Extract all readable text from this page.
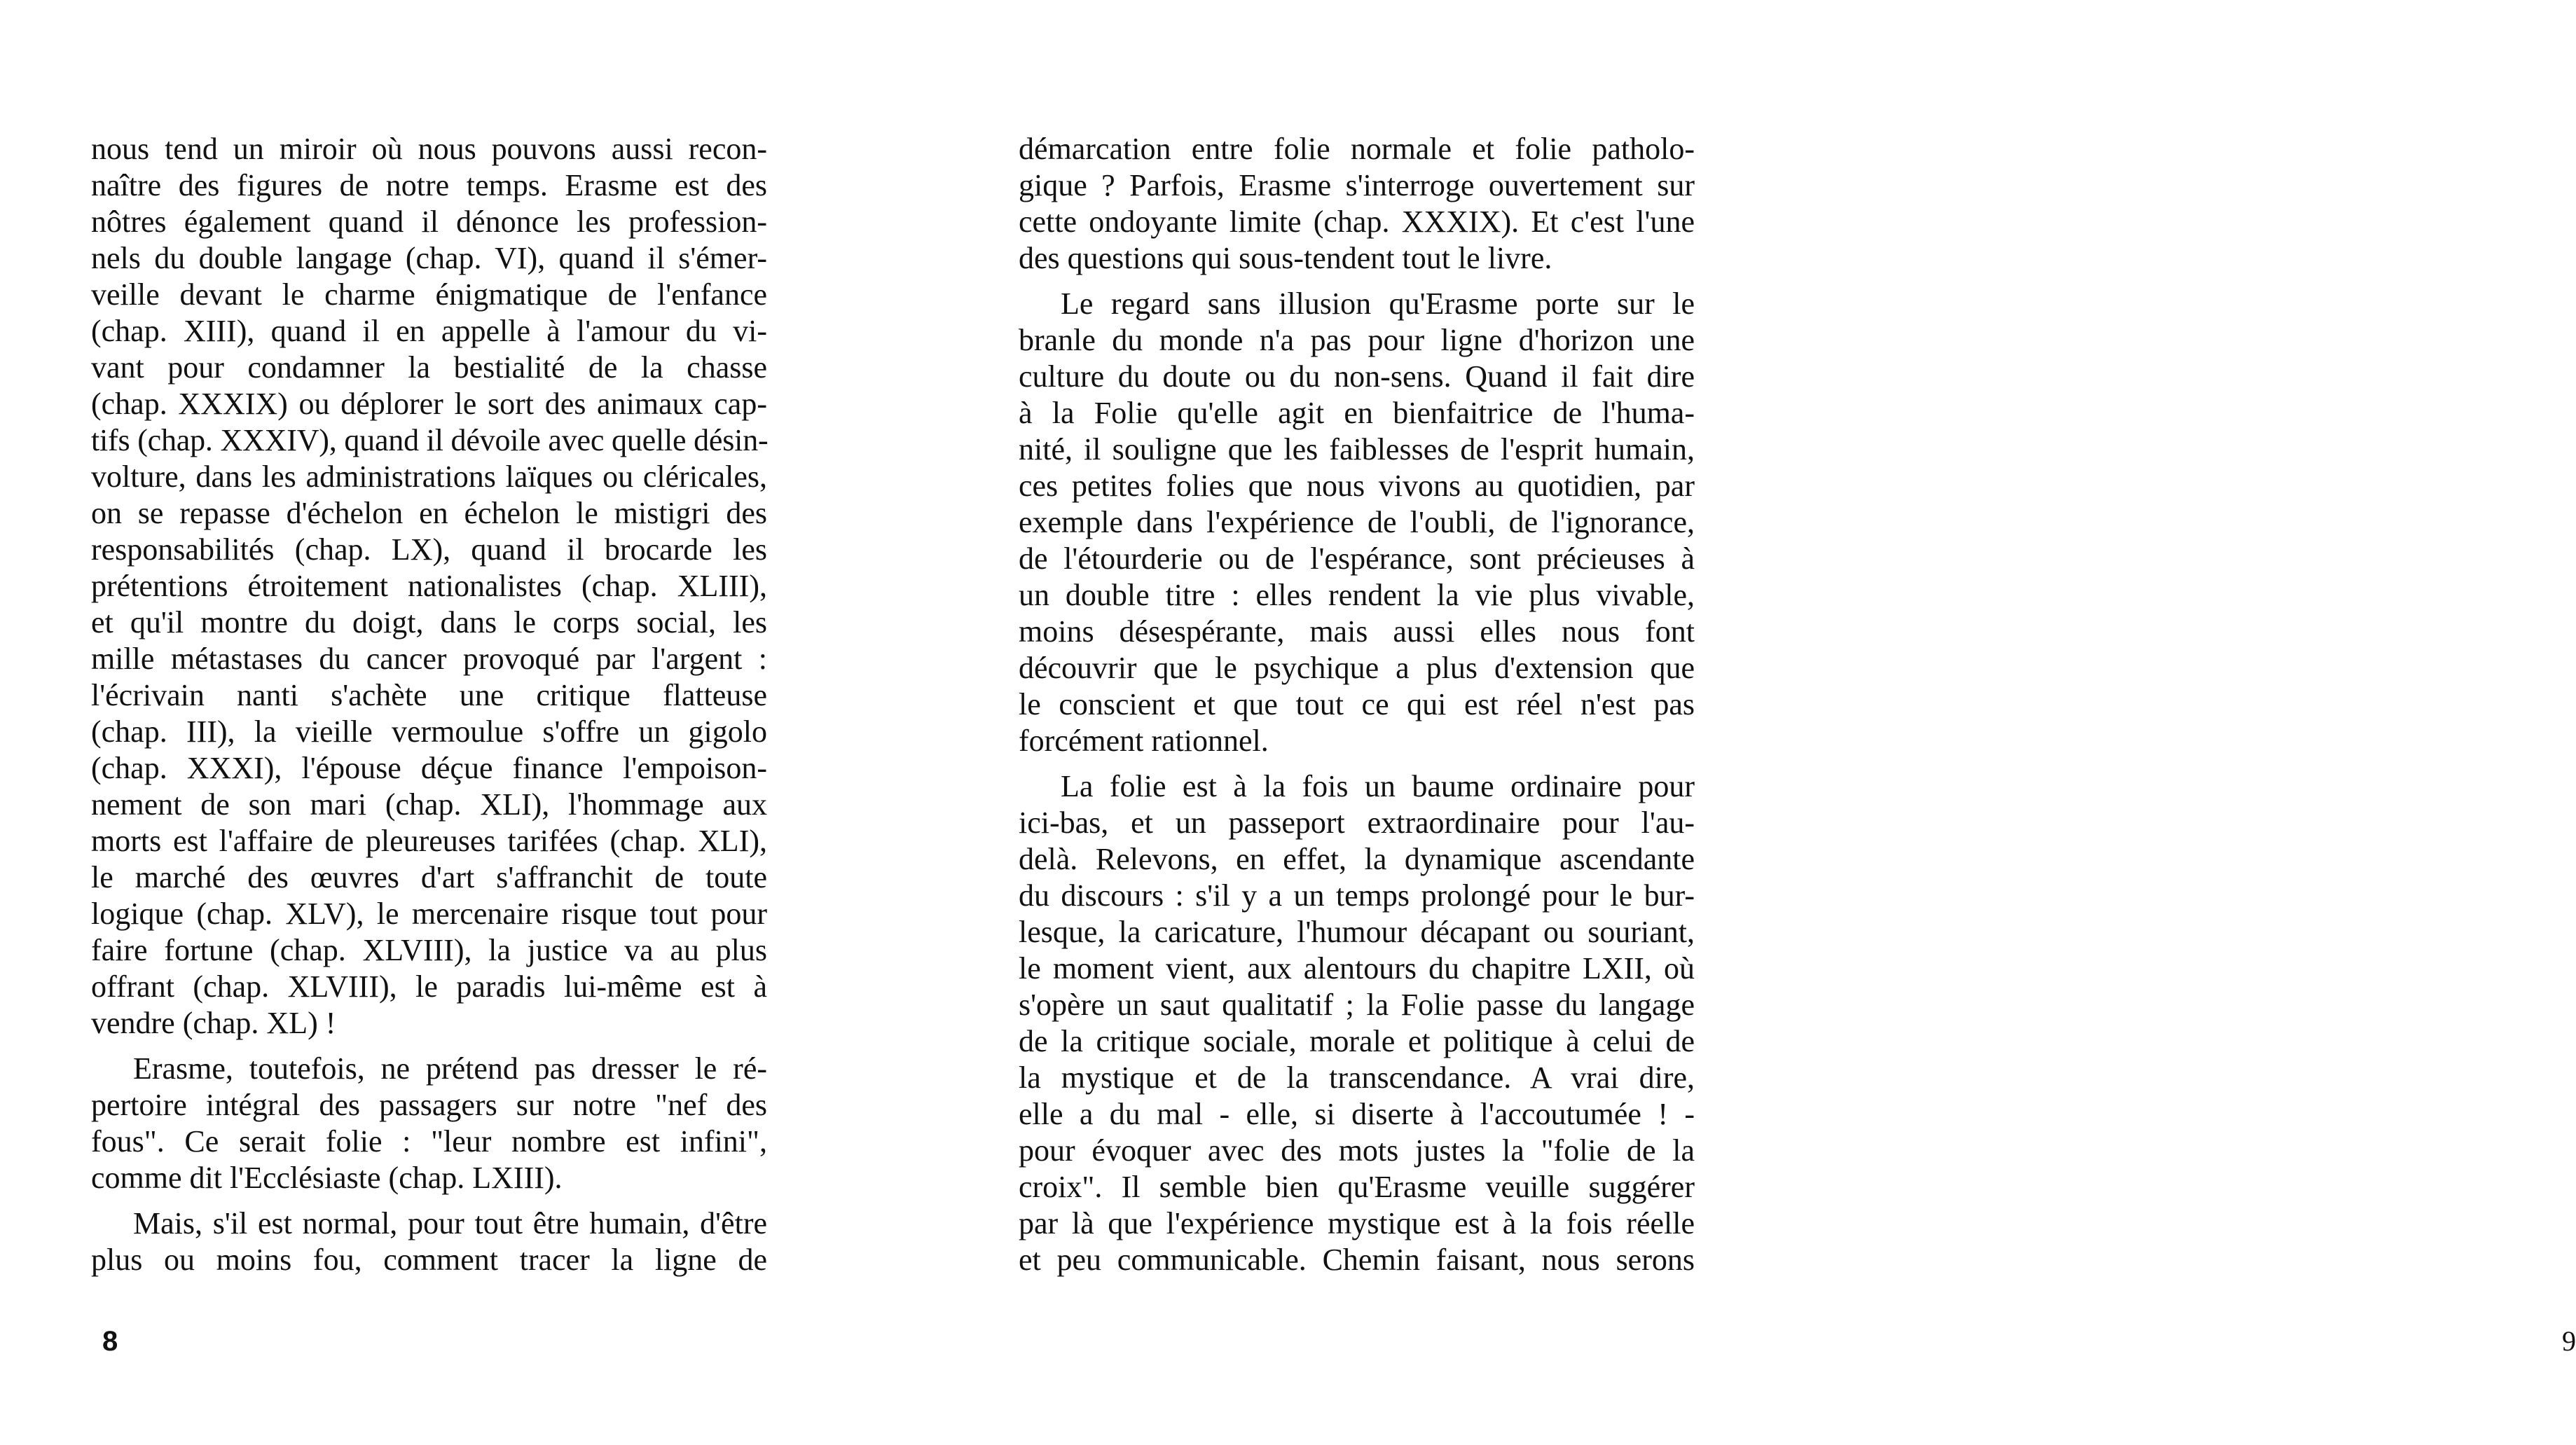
nous tend un miroir où nous pouvons aussi recon-
naître des figures de notre temps. Erasme est des
nôtres également quand il dénonce les profession-
nels du double langage (chap. VI), quand il s'émer-
veille devant le charme énigmatique de l'enfance
(chap. XIII), quand il en appelle à l'amour du vi-
vant pour condamner la bestialité de la chasse
(chap. XXXIX) ou déplorer le sort des animaux cap-
tifs (chap. XXXIV), quand il dévoile avec quelle désin-
volture, dans les administrations laïques ou cléricales,
on se repasse d'échelon en échelon le mistigri des
responsabilités (chap. LX), quand il brocarde les
prétentions étroitement nationalistes (chap. XLIII),
et qu'il montre du doigt, dans le corps social, les
mille métastases du cancer provoqué par l'argent :
l'écrivain nanti s'achète une critique flatteuse
(chap. III), la vieille vermoulue s'offre un gigolo
(chap. XXXI), l'épouse déçue finance l'empoison-
nement de son mari (chap. XLI), l'hommage aux
morts est l'affaire de pleureuses tarifées (chap. XLI),
le marché des œuvres d'art s'affranchit de toute
logique (chap. XLV), le mercenaire risque tout pour
faire fortune (chap. XLVIII), la justice va au plus
offrant (chap. XLVIII), le paradis lui-même est à
vendre (chap. XL) !
Erasme, toutefois, ne prétend pas dresser le ré-
pertoire intégral des passagers sur notre "nef des
fous". Ce serait folie : "leur nombre est infini",
comme dit l'Ecclésiaste (chap. LXIII).
Mais, s'il est normal, pour tout être humain, d'être
plus ou moins fou, comment tracer la ligne de
8
démarcation entre folie normale et folie patholo-
gique ? Parfois, Erasme s'interroge ouvertement sur
cette ondoyante limite (chap. XXXIX). Et c'est l'une
des questions qui sous-tendent tout le livre.
Le regard sans illusion qu'Erasme porte sur le
branle du monde n'a pas pour ligne d'horizon une
culture du doute ou du non-sens. Quand il fait dire
à la Folie qu'elle agit en bienfaitrice de l'huma-
nité, il souligne que les faiblesses de l'esprit humain,
ces petites folies que nous vivons au quotidien, par
exemple dans l'expérience de l'oubli, de l'ignorance,
de l'étourderie ou de l'espérance, sont précieuses à
un double titre : elles rendent la vie plus vivable,
moins désespérante, mais aussi elles nous font
découvrir que le psychique a plus d'extension que
le conscient et que tout ce qui est réel n'est pas
forcément rationnel.
La folie est à la fois un baume ordinaire pour
ici-bas, et un passeport extraordinaire pour l'au-
delà. Relevons, en effet, la dynamique ascendante
du discours : s'il y a un temps prolongé pour le bur-
lesque, la caricature, l'humour décapant ou souriant,
le moment vient, aux alentours du chapitre LXII, où
s'opère un saut qualitatif ; la Folie passe du langage
de la critique sociale, morale et politique à celui de
la mystique et de la transcendance. A vrai dire,
elle a du mal - elle, si diserte à l'accoutumée ! -
pour évoquer avec des mots justes la "folie de la
croix". Il semble bien qu'Erasme veuille suggérer
par là que l'expérience mystique est à la fois réelle
et peu communicable. Chemin faisant, nous serons
9
